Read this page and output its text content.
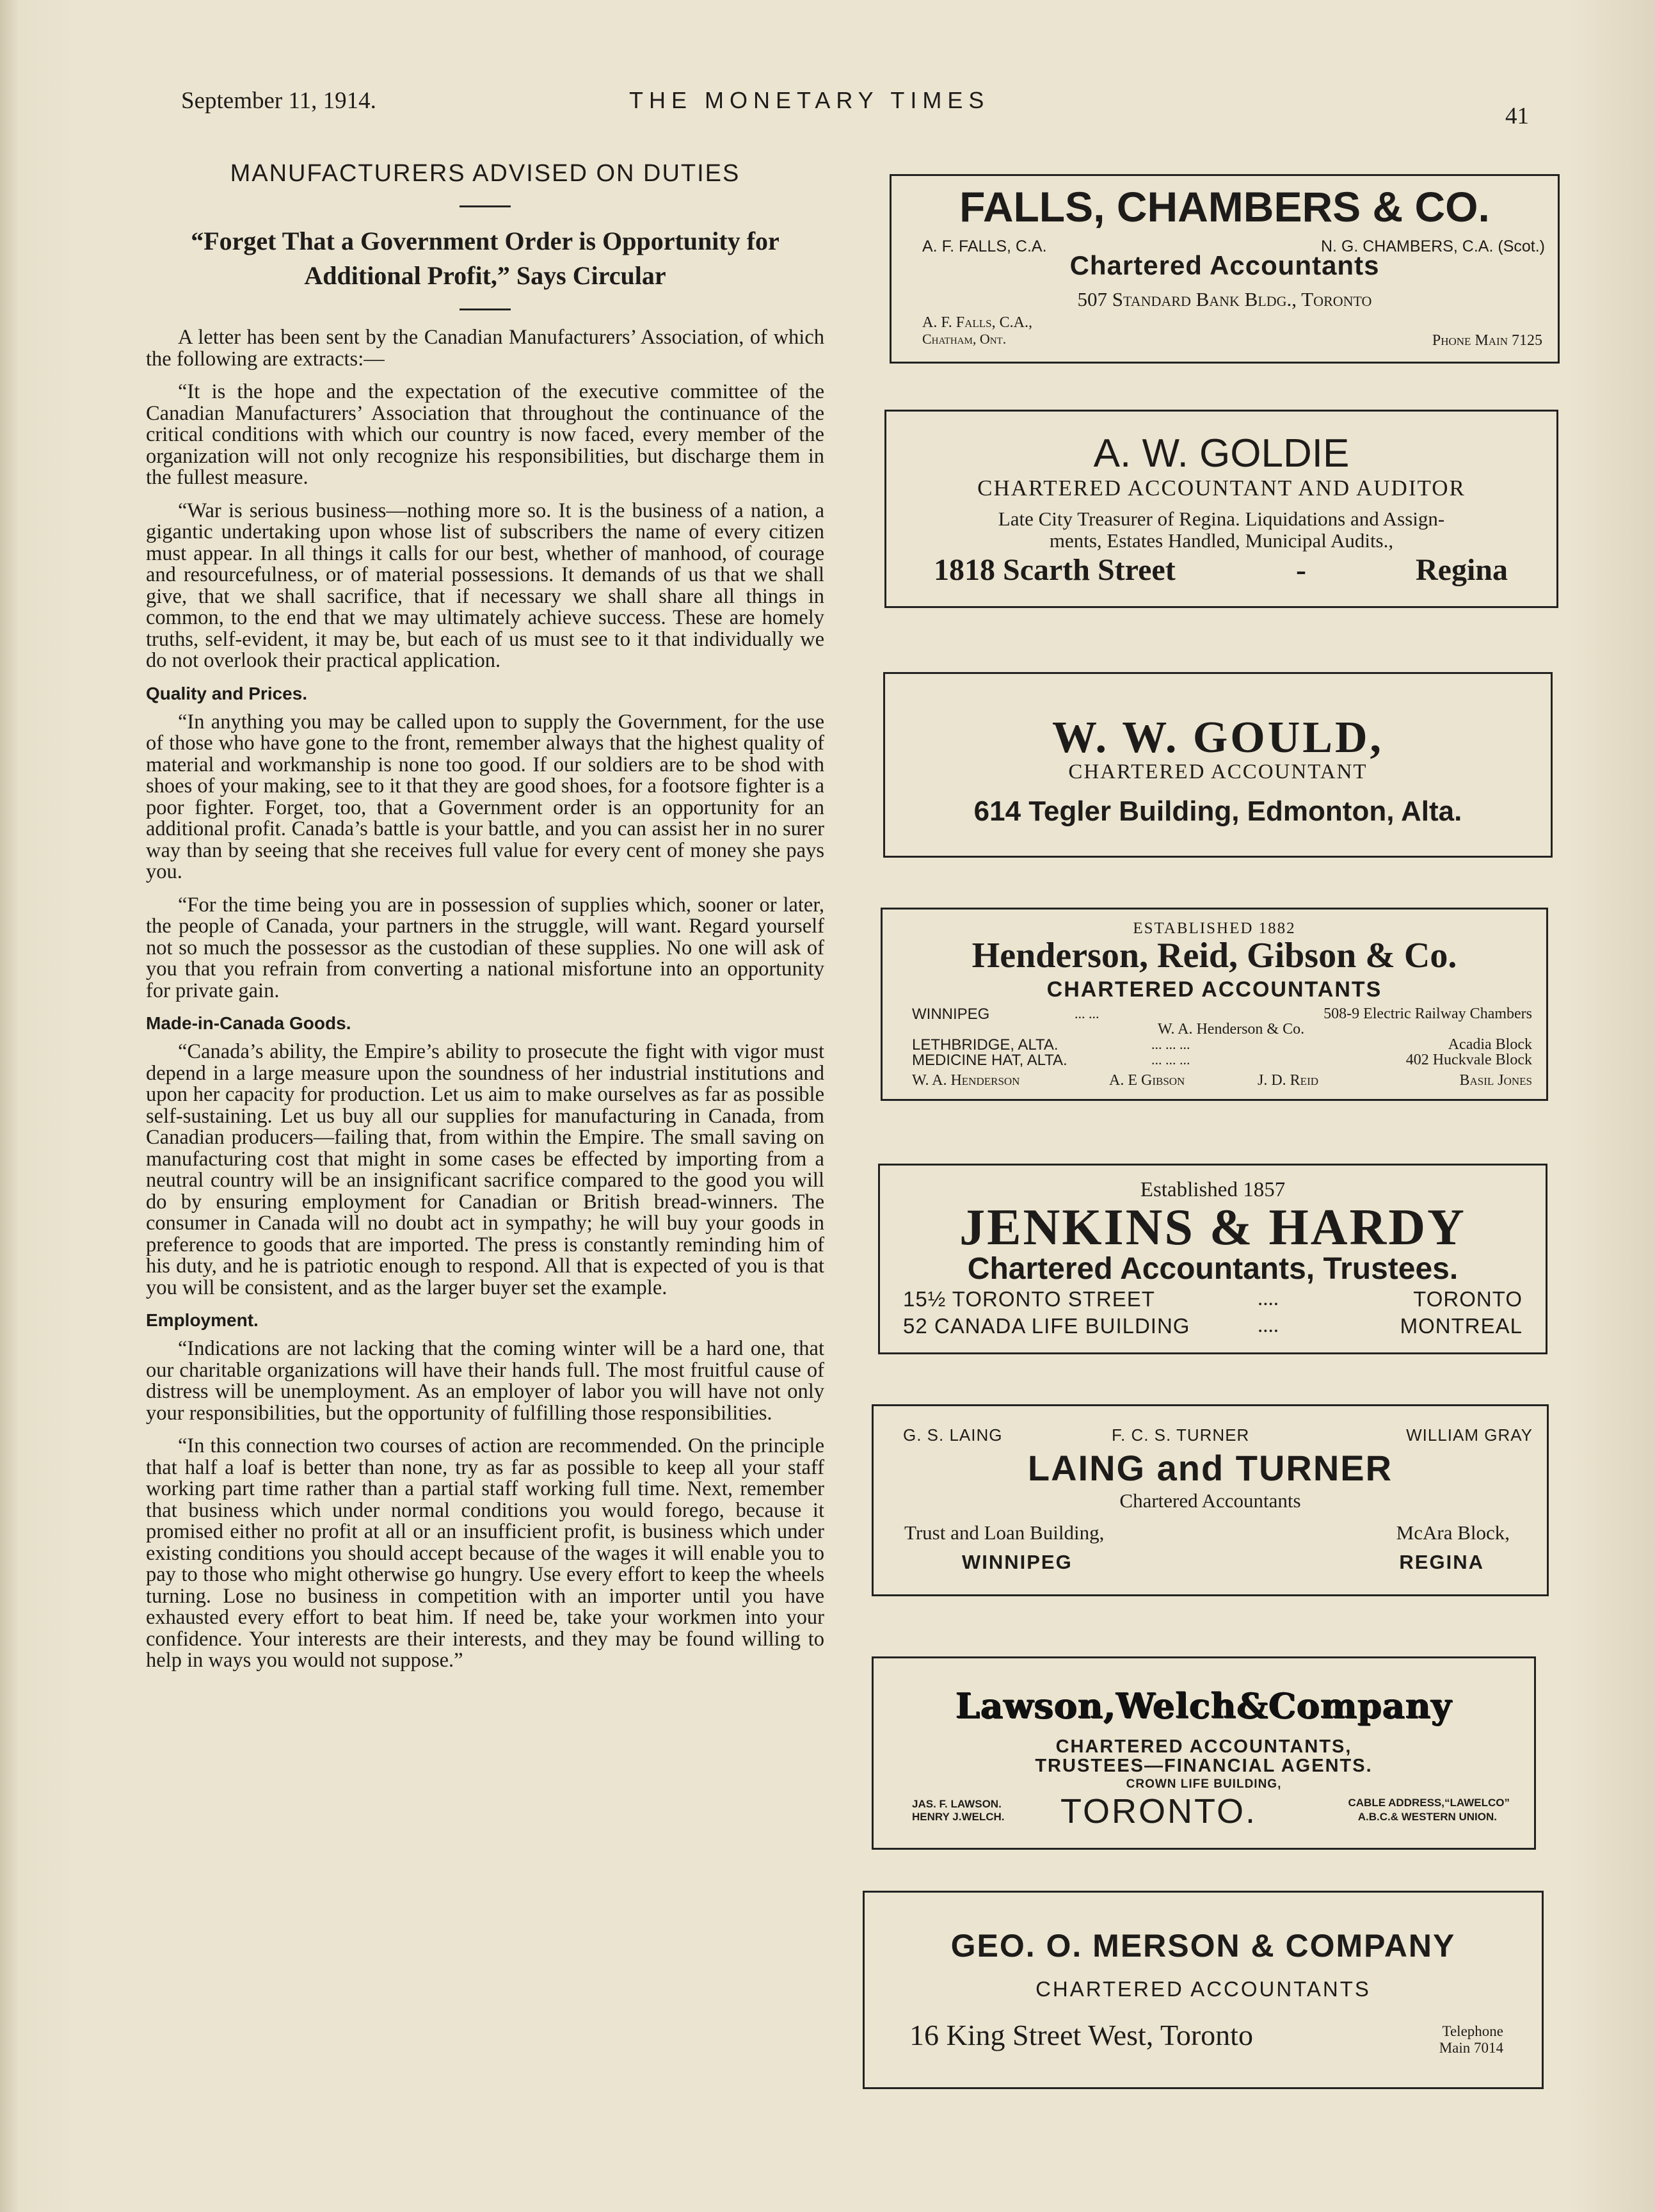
September 11, 1914.	THE MONETARY TIMES
41
MANUFACTURERS ADVISED ON DUTIES
“Forget That a Government Order is Opportunity for Additional Profit,” Says Circular

A letter has been sent by the Canadian Manufacturers’ Association, of which the following are extracts:—

“It is the hope and the expectation of the executive committee of the Canadian Manufacturers’ Association that throughout the continuance of the critical conditions with which our country is now faced, every member of the organization will not only recognize his responsibilities, but discharge them in the fullest measure.

“War is serious business—nothing more so. It is the business of a nation, a gigantic undertaking upon whose list of subscribers the name of every citizen must appear. In all things it calls for our best, whether of manhood, of courage and resourcefulness, or of material possessions. It demands of us that we shall give, that we shall sacrifice, that if necessary we shall share all things in common, to the end that we may ultimately achieve success. These are homely truths, self-evident, it may be, but each of us must see to it that individually we do not overlook their practical application.

Quality and Prices.

“In anything you may be called upon to supply the Government, for the use of those who have gone to the front, remember always that the highest quality of material and workmanship is none too good. If our soldiers are to be shod with shoes of your making, see to it that they are good shoes, for a footsore fighter is a poor fighter. Forget, too, that a Government order is an opportunity for an additional profit. Canada’s battle is your battle, and you can assist her in no surer way than by seeing that she receives full value for every cent of money she pays you.

“For the time being you are in possession of supplies which, sooner or later, the people of Canada, your partners in the struggle, will want. Regard yourself not so much the possessor as the custodian of these supplies. No one will ask of you that you refrain from converting a national misfortune into an opportunity for private gain.

Made-in-Canada Goods.

“Canada’s ability, the Empire’s ability to prosecute the fight with vigor must depend in a large measure upon the soundness of her industrial institutions and upon her capacity for production. Let us aim to make ourselves as far as possible self-sustaining. Let us buy all our supplies for manufacturing in Canada, from Canadian producers—failing that, from within the Empire. The small saving on manufacturing cost that might in some cases be effected by importing from a neutral country will be an insignificant sacrifice compared to the good you will do by ensuring employment for Canadian or British bread-winners. The consumer in Canada will no doubt act in sympathy; he will buy your goods in preference to goods that are imported. The press is constantly reminding him of his duty, and he is patriotic enough to respond. All that is expected of you is that you will be consistent, and as the larger buyer set the example.

Employment.

“Indications are not lacking that the coming winter will be a hard one, that our charitable organizations will have their hands full. The most fruitful cause of distress will be unemployment. As an employer of labor you will have not only your responsibilities, but the opportunity of fulfilling those responsibilities.

“In this connection two courses of action are recommended. On the principle that half a loaf is better than none, try as far as possible to keep all your staff working part time rather than a partial staff working full time. Next, remember that business which under normal conditions you would forego, because it promised either no profit at all or an insufficient profit, is business which under existing conditions you should accept because of the wages it will enable you to pay to those who might otherwise go hungry. Use every effort to keep the wheels turning. Lose no business in competition with an importer until you have exhausted every effort to beat him. If need be, take your workmen into your confidence. Your interests are their interests, and they may be found willing to help in ways you would not suppose.”

FALLS, CHAMBERS & CO.
A. F. FALLS, C.A.	N. G. CHAMBERS, C.A. (Scot.)
Chartered Accountants
507 Standard Bank Bldg., Toronto
A. F. Falls, C.A.,
Chatham, Ont.	Phone Main 7125
A. W. GOLDIE
CHARTERED ACCOUNTANT AND AUDITOR
Late City Treasurer of Regina. Liquidations and Assign-
ments, Estates Handled, Municipal Audits.,
1818 Scarth Street	-	Regina
W. W. GOULD,
CHARTERED ACCOUNTANT
614 Tegler Building, Edmonton, Alta.
ESTABLISHED 1882
Henderson, Reid, Gibson & Co.
CHARTERED ACCOUNTANTS
WINNIPEG	... ...	508-9 Electric Railway Chambers
W. A. Henderson & Co.
LETHBRIDGE, ALTA.	... ... ...	Acadia Block
MEDICINE HAT, ALTA.	... ... ...	402 Huckvale Block
W. A. Henderson	A. E Gibson	J. D. Reid	Basil Jones
Established 1857
JENKINS & HARDY
Chartered Accountants, Trustees.
15½ TORONTO STREET	....	TORONTO
52 CANADA LIFE BUILDING	....	MONTREAL
G. S. LAING	F. C. S. TURNER	WILLIAM GRAY
LAING and TURNER
Chartered Accountants
Trust and Loan Building,
WINNIPEG
McAra Block,
REGINA
Lawson,Welch&Company
CHARTERED ACCOUNTANTS,
TRUSTEES—FINANCIAL AGENTS.
CROWN LIFE BUILDING,
JAS. F. LAWSON.
HENRY J.WELCH. TORONTO.	CABLE ADDRESS,“LAWELCO”
A.B.C.& WESTERN UNION.
GEO. O. MERSON & COMPANY
CHARTERED ACCOUNTANTS
16 King Street West, Toronto	Telephone
Main 7014
